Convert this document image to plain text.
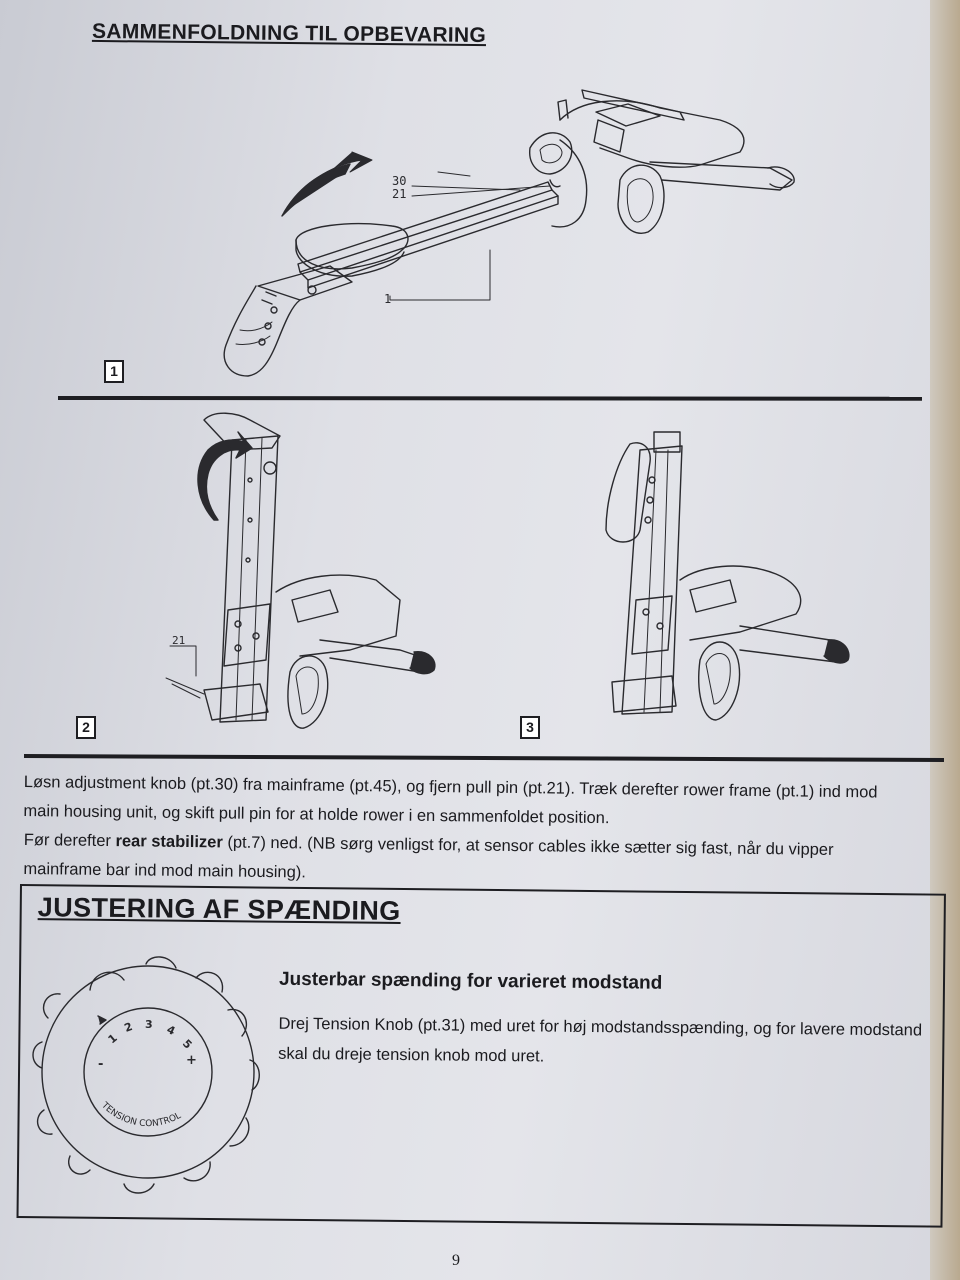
SAMMENFOLDNING TIL OPBEVARING
30
21
1
21
1
2	3
Løsn adjustment knob (pt.30) fra mainframe (pt.45), og fjern pull pin (pt.21). Træk derefter rower frame (pt.1) ind mod main housing unit, og skift pull pin for at holde rower i en sammenfoldet position.
Før derefter rear stabilizer (pt.7) ned. (NB sørg venligst for, at sensor cables ikke sætter sig fast, når du vipper mainframe bar ind mod main housing).
JUSTERING AF SPÆNDING
Justerbar spænding for varieret modstand
Drej Tension Knob (pt.31) med uret for høj modstandsspænding, og for lavere modstand skal du dreje tension knob mod uret.
1
2 3 4
5
-	+
TENSION CONTROL
9
